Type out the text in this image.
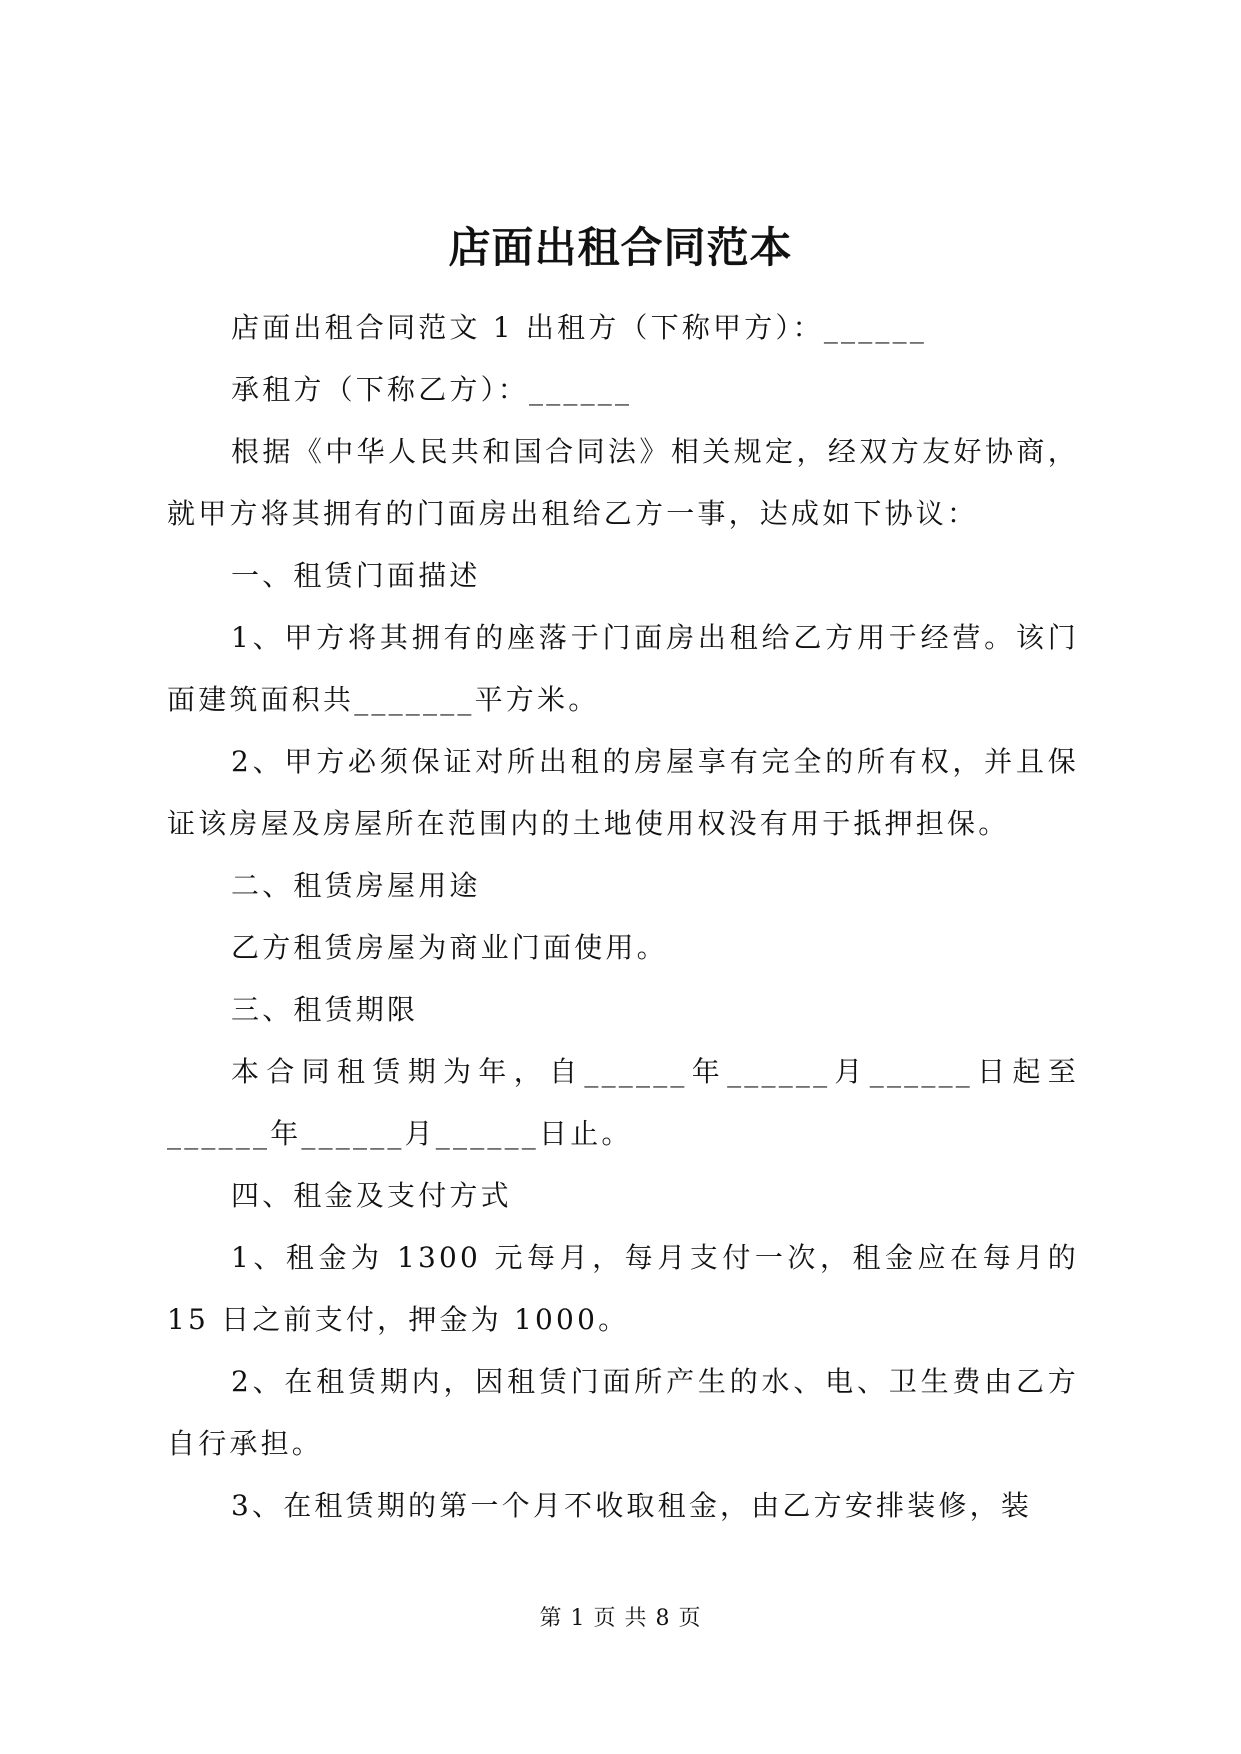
店面出租合同范本

店面出租合同范文 1 出租方（下称甲方）：______

承租方（下称乙方）：______

根据《中华人民共和国合同法》相关规定，经双方友好协商，就甲方将其拥有的门面房出租给乙方一事，达成如下协议：

一、租赁门面描述

1、甲方将其拥有的座落于门面房出租给乙方用于经营。该门面建筑面积共_______平方米。

2、甲方必须保证对所出租的房屋享有完全的所有权，并且保证该房屋及房屋所在范围内的土地使用权没有用于抵押担保。

二、租赁房屋用途

乙方租赁房屋为商业门面使用。

三、租赁期限

本合同租赁期为年，自______年______月______日起至______年______月______日止。

四、租金及支付方式

1、租金为 1300 元每月，每月支付一次，租金应在每月的 15 日之前支付，押金为 1000。

2、在租赁期内，因租赁门面所产生的水、电、卫生费由乙方自行承担。

3、在租赁期的第一个月不收取租金，由乙方安排装修，装

第 1 页 共 8 页
